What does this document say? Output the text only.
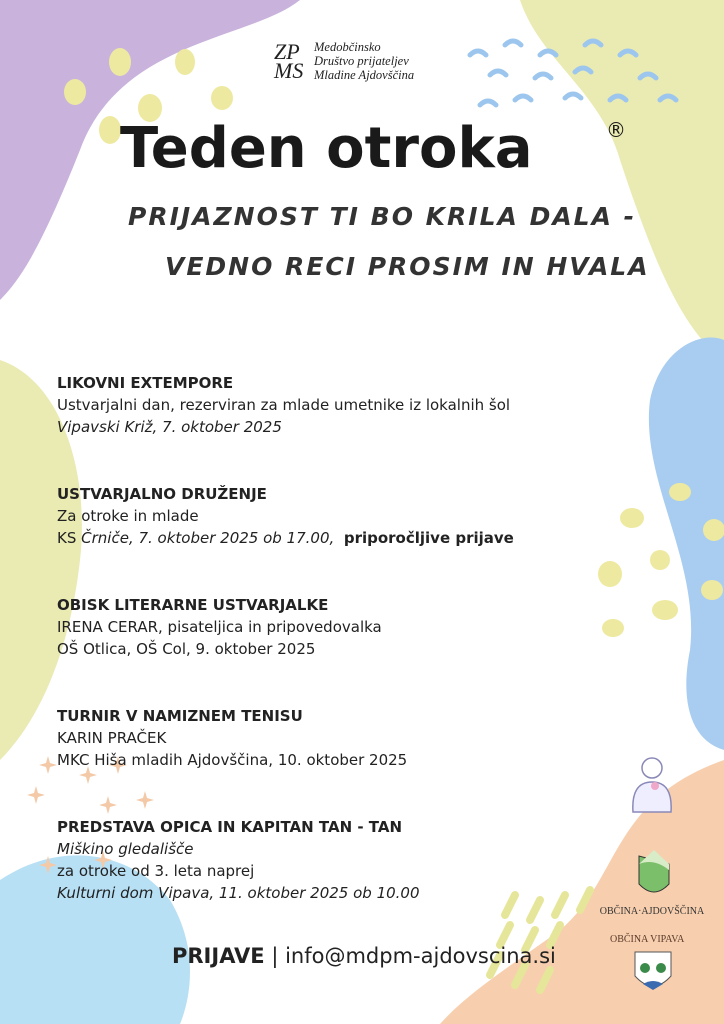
ZP MS
Medobčinsko
Društvo prijateljev
Mladine Ajdovščina
Teden otroka	®
PRIJAZNOST TI BO KRILA DALA -
VEDNO RECI PROSIM IN HVALA
LIKOVNI EXTEMPORE
Ustvarjalni dan, rezerviran za mlade umetnike iz lokalnih šol
Vipavski Križ, 7. oktober 2025
USTVARJALNO DRUŽENJE
Za otroke in mlade
KS Črniče, 7. oktober 2025 ob 17.00, priporočljive prijave
OBISK LITERARNE USTVARJALKE
IRENA CERAR, pisateljica in pripovedovalka
OŠ Otlica, OŠ Col, 9. oktober 2025
TURNIR V NAMIZNEM TENISU
KARIN PRAČEK
MKC Hiša mladih Ajdovščina, 10. oktober 2025
PREDSTAVA OPICA IN KAPITAN TAN - TAN
Miškino gledališče
za otroke od 3. leta naprej
Kulturni dom Vipava, 11. oktober 2025 ob 10.00
PRIJAVE | info@mdpm-ajdovscina.si
OBČINA·AJDOVŠČINA
OBČINA VIPAVA
